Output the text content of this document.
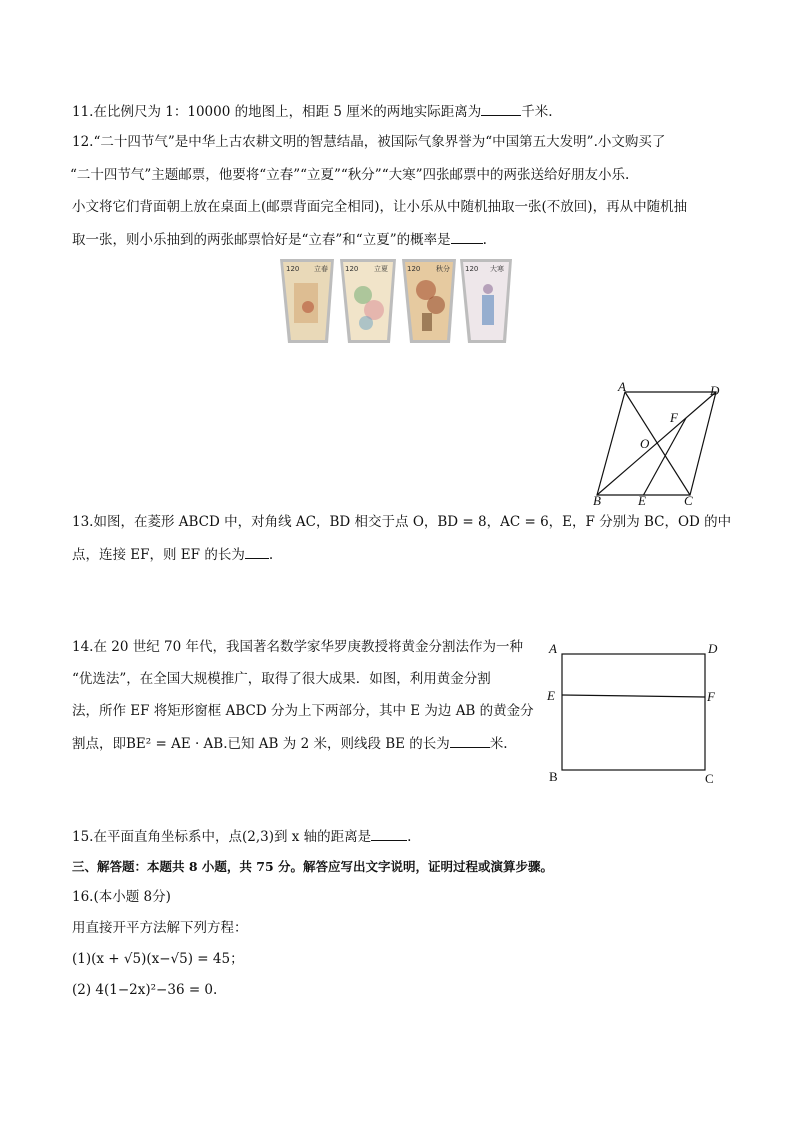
11.在比例尺为 1：10000 的地图上，相距 5 厘米的两地实际距离为	千米.
12.“二十四节气”是中华上古农耕文明的智慧结晶，被国际气象界誉为“中国第五大发明”.小文购买了
“二十四节气”主题邮票，他要将“立春”“立夏”“秋分”“大寒”四张邮票中的两张送给好朋友小乐.
小文将它们背面朝上放在桌面上(邮票背面完全相同)，让小乐从中随机抽取一张(不放回)，再从中随机抽
取一张，则小乐抽到的两张邮票恰好是“立春”和“立夏”的概率是 .
120 立春 120 立夏	120 秋分 120 大寒
A	D
F
O
B	E	C
13.如图，在菱形 ABCD 中，对角线 AC，BD 相交于点 O，BD = 8，AC = 6，E，F 分别为 BC，OD 的中
点，连接 EF，则 EF 的长为 .
14.在 20 世纪 70 年代，我国著名数学家华罗庚教授将黄金分割法作为一种
“优选法”，在全国大规模推广，取得了很大成果．如图，利用黄金分割
法，所作 EF 将矩形窗框 ABCD 分为上下两部分，其中 E 为边 AB 的黄金分
割点，即BE² = AE · AB.已知 AB 为 2 米，则线段 BE 的长为	米.
A	D
E	F
B	C
15.在平面直角坐标系中，点(2,3)到 x 轴的距离是	.
三、解答题：本题共 8 小题，共 75 分。解答应写出文字说明，证明过程或演算步骤。
16.(本小题 8分)
用直接开平方法解下列方程：
(1)(x + √5)(x−√5) = 45；
(2) 4(1−2x)²−36 = 0.
